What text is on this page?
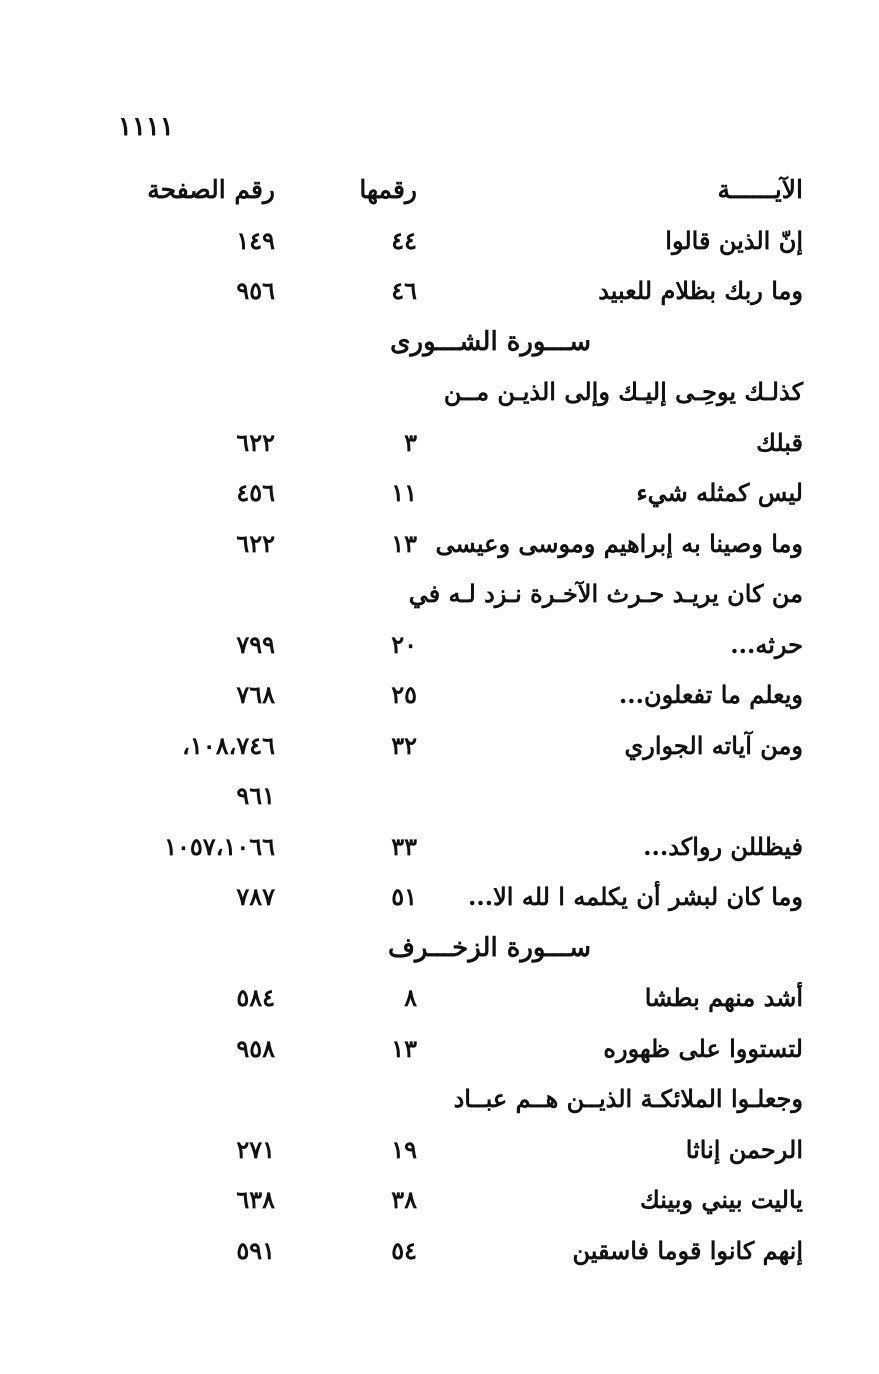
١١١١
الآيــــــة
رقمها
رقم الصفحة
إنّ الذين قالوا
٤٤
١٤٩
وما ربك بظلام للعبيد
٤٦
٩٥٦
ســـورة الشـــورى
كذلـك يوحِـى إليـك وإلى الذيـن مــن
قبلك
٣
٦٢٢
ليس كمثله شيء
١١
٤٥٦
وما وصينا به إبراهيم وموسى وعيسى
١٣
٦٢٢
من كان يريـد حـرث الآخـرة نـزد لـه في
حرثه...
٢٠
٧٩٩
ويعلم ما تفعلون...
٢٥
٧٦٨
ومن آياته الجواري
٣٢
١٠٨،٧٤٦،
٩٦١
فيظللن رواكد...
٣٣
١٠٥٧،١٠٦٦
وما كان لبشر أن يكلمه ا لله الا...
٥١
٧٨٧
ســـورة الزخـــرف
أشد منهم بطشا
٨
٥٨٤
لتستووا على ظهوره
١٣
٩٥٨
وجعلـوا الملائكـة الذيــن هــم عبــاد
الرحمن إناثا
١٩
٢٧١
ياليت بيني وبينك
٣٨
٦٣٨
إنهم كانوا قوما فاسقين
٥٤
٥٩١
